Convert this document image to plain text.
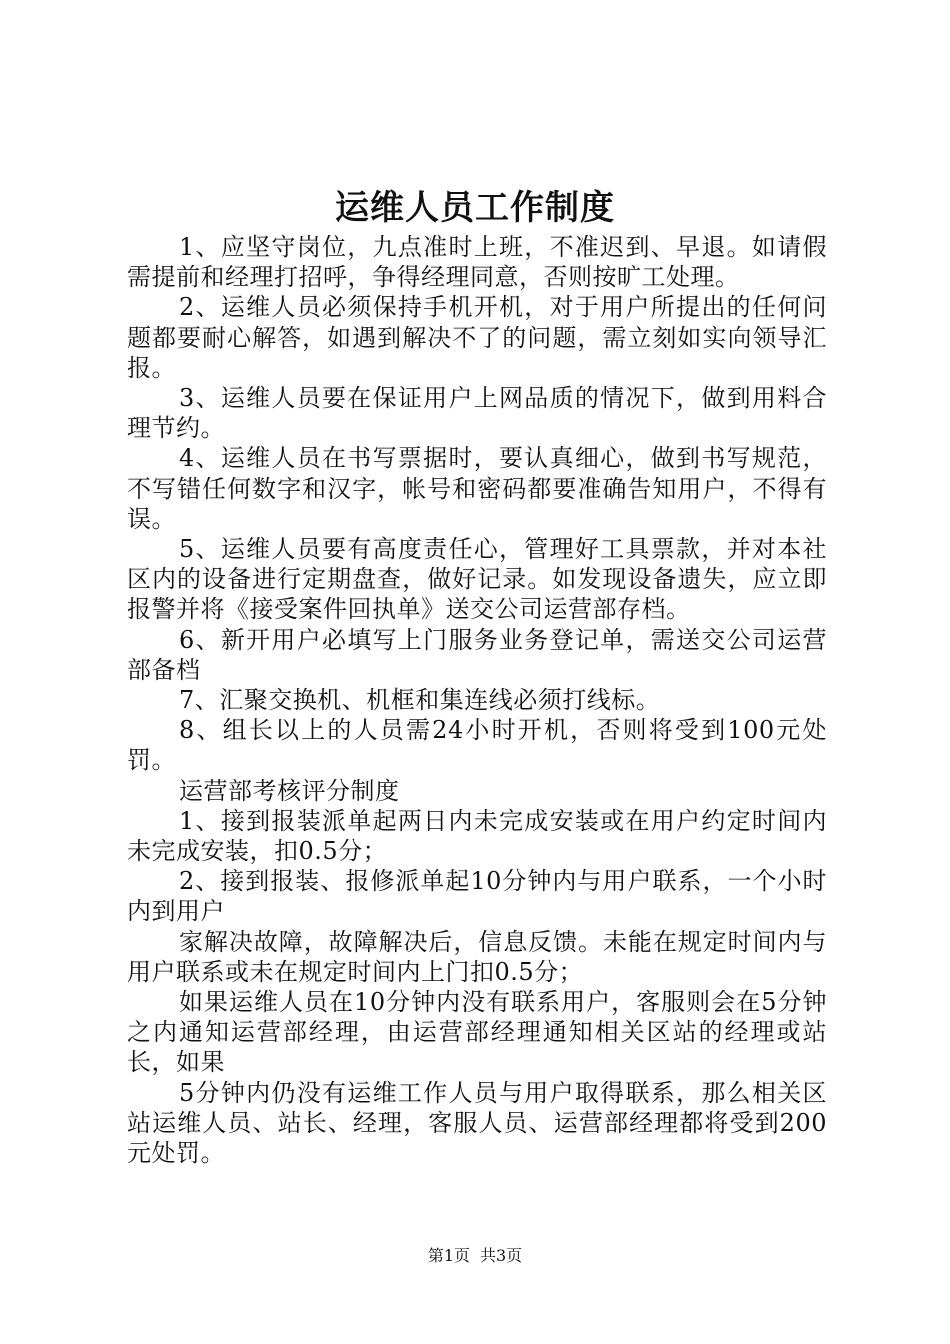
运维人员工作制度

1、应坚守岗位，九点准时上班，不准迟到、早退。如请假需提前和经理打招呼，争得经理同意，否则按旷工处理。

2、运维人员必须保持手机开机，对于用户所提出的任何问题都要耐心解答，如遇到解决不了的问题，需立刻如实向领导汇报。

3、运维人员要在保证用户上网品质的情况下，做到用料合理节约。

4、运维人员在书写票据时，要认真细心，做到书写规范，不写错任何数字和汉字，帐号和密码都要准确告知用户，不得有误。

5、运维人员要有高度责任心，管理好工具票款，并对本社区内的设备进行定期盘查，做好记录。如发现设备遗失，应立即报警并将《接受案件回执单》送交公司运营部存档。

6、新开用户必填写上门服务业务登记单，需送交公司运营部备档

7、汇聚交换机、机框和集连线必须打线标。

8、组长以上的人员需24小时开机，否则将受到100元处罚。

运营部考核评分制度

1、接到报装派单起两日内未完成安装或在用户约定时间内未完成安装，扣0.5分；

2、接到报装、报修派单起10分钟内与用户联系，一个小时内到用户

家解决故障，故障解决后，信息反馈。未能在规定时间内与用户联系或未在规定时间内上门扣0.5分；

如果运维人员在10分钟内没有联系用户，客服则会在5分钟之内通知运营部经理，由运营部经理通知相关区站的经理或站长，如果

5分钟内仍没有运维工作人员与用户取得联系，那么相关区站运维人员、站长、经理，客服人员、运营部经理都将受到200元处罚。

第1页 共3页
